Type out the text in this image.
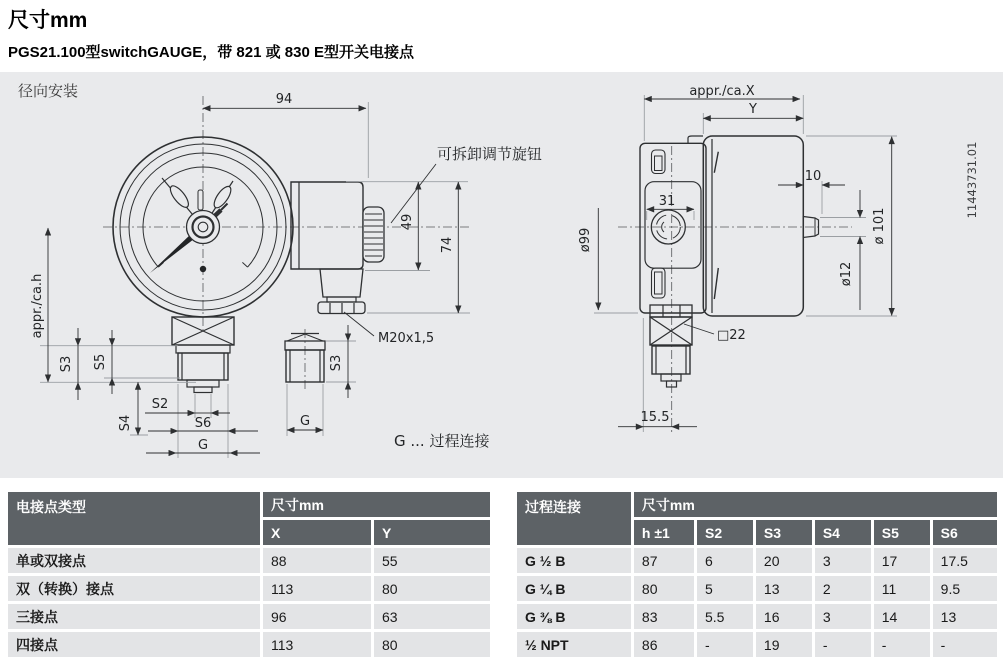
尺寸mm
PGS21.100型switchGAUGE，带 821 或 830 E型开关电接点
径向安装	94
可拆卸调节旋钮
49
74
M20x1,5
appr./ca.h
S3 S5
S2
S4	S6
G
G
S3
G ... 过程连接
appr./ca.X
Y
10
31
ø99	ø 101
ø12
□22
15.5
11443731.01
电接点类型	尺寸mm	
	X	Y
单或双接点	88	55
双（转换）接点	113	80
三接点	96	63
四接点	113	80
过程连接	尺寸mm					
	h ±1	S2	S3	S4	S5	S6
G ½ B	87	6	20	3	17	17.5
G ¼ B	80	5	13	2	11	9.5
G ⅜ B	83	5.5	16	3	14	13
½ NPT	86	-	19	-	-	-
